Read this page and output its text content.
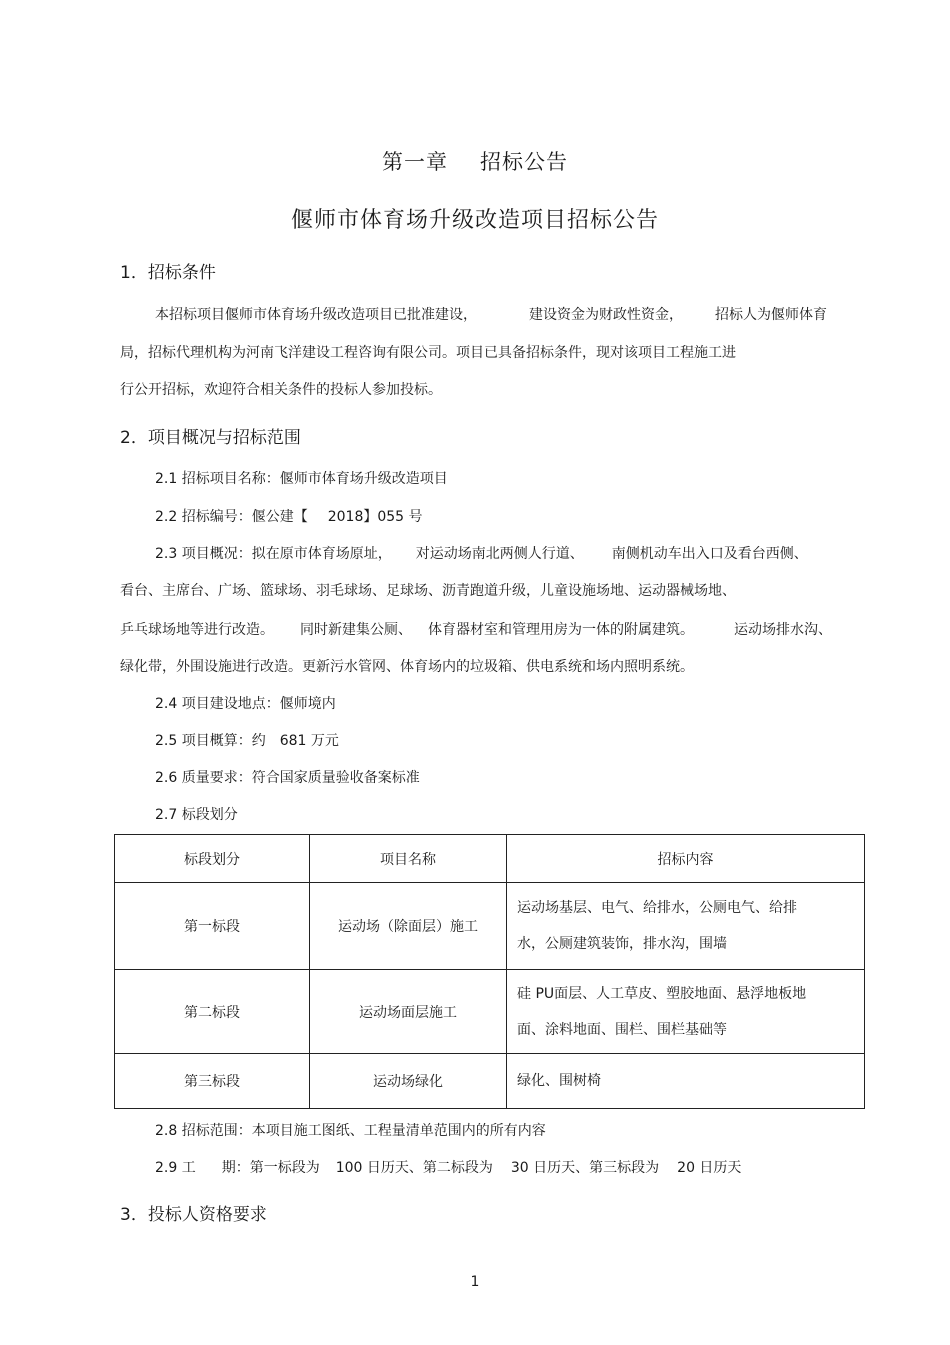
第一章 招标公告
偃师市体育场升级改造项目招标公告
1．招标条件
本招标项目偃师市体育场升级改造项目已批准建设，	建设资金为财政性资金， 招标人为偃师体育
局，招标代理机构为河南飞洋建设工程咨询有限公司。项目已具备招标条件，现对该项目工程施工进
行公开招标，欢迎符合相关条件的投标人参加投标。
2．项目概况与招标范围
2.1 招标项目名称：偃师市体育场升级改造项目
2.2 招标编号：偃公建【 2018】055 号
2.3 项目概况：拟在原市体育场原址， 对运动场南北两侧人行道、 南侧机动车出入口及看台西侧、
看台、主席台、广场、篮球场、羽毛球场、足球场、沥青跑道升级，儿童设施场地、运动器械场地、
乒乓球场地等进行改造。 同时新建集公厕、 体育器材室和管理用房为一体的附属建筑。	运动场排水沟、
绿化带，外围设施进行改造。更新污水管网、体育场内的垃圾箱、供电系统和场内照明系统。
2.4 项目建设地点：偃师境内
2.5 项目概算：约 681 万元
2.6 质量要求：符合国家质量验收备案标准
2.7 标段划分
标段划分	项目名称	招标内容
第一标段	运动场（除面层）施工	运动场基层、电气、给排水，公厕电气、给排
水，公厕建筑装饰，排水沟，围墙

第二标段	运动场面层施工	硅 PU面层、人工草皮、塑胶地面、悬浮地板地
面、涂料地面、围栏、围栏基础等

第三标段	运动场绿化	绿化、围树椅
2.8 招标范围：本项目施工图纸、工程量清单范围内的所有内容
2.9 工 期：第一标段为 100 日历天、第二标段为 30 日历天、第三标段为 20 日历天
3．投标人资格要求
1
